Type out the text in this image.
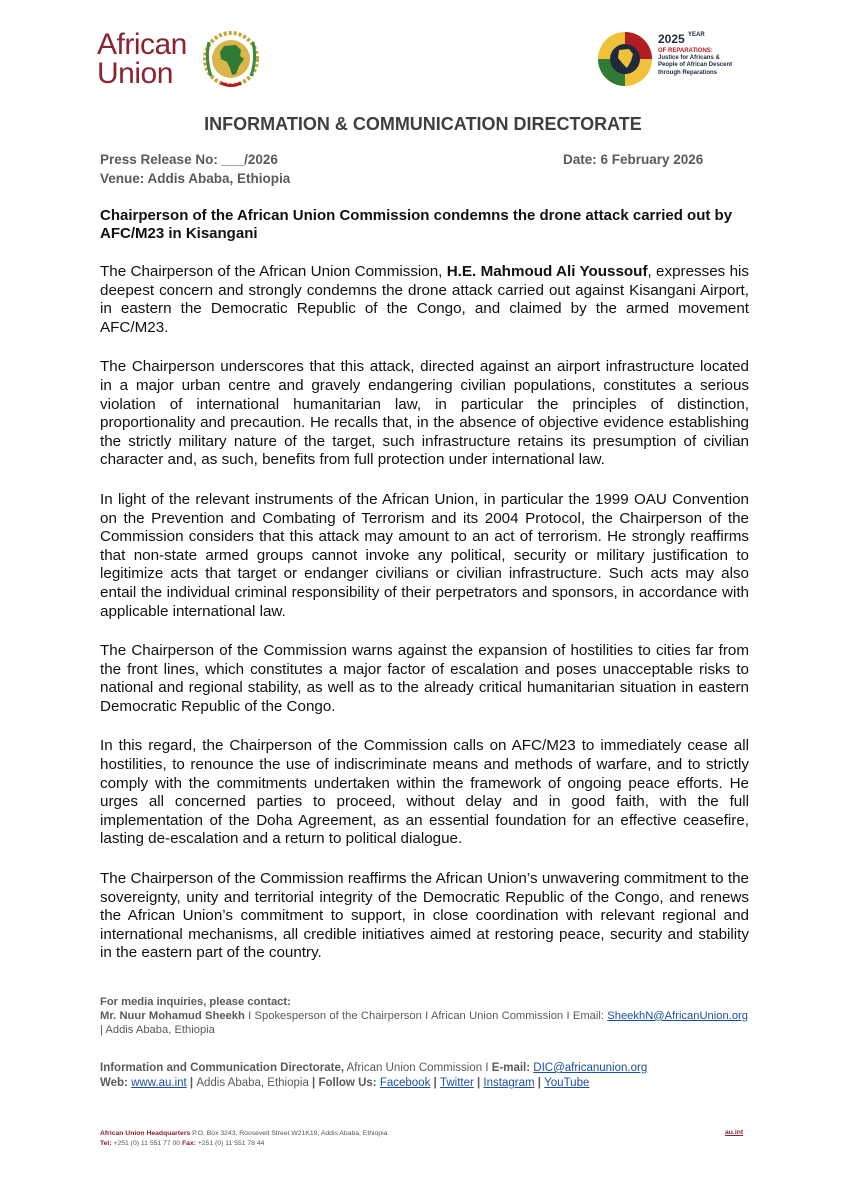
African
Union
2025 $^{YEAR}$
OF REPARATIONS:
Justice for Africans &
People of African Descent
through Reparations
INFORMATION & COMMUNICATION DIRECTORATE
Press Release No: ___/2026	Date: 6 February 2026
Venue: Addis Ababa, Ethiopia
Chairperson of the African Union Commission condemns the drone attack carried out by AFC/M23 in Kisangani

The Chairperson of the African Union Commission, H.E. Mahmoud Ali Youssouf, expresses his deepest concern and strongly condemns the drone attack carried out against Kisangani Airport, in eastern the Democratic Republic of the Congo, and claimed by the armed movement AFC/M23.

The Chairperson underscores that this attack, directed against an airport infrastructure located in a major urban centre and gravely endangering civilian populations, constitutes a serious violation of international humanitarian law, in particular the principles of distinction, proportionality and precaution. He recalls that, in the absence of objective evidence establishing the strictly military nature of the target, such infrastructure retains its presumption of civilian character and, as such, benefits from full protection under international law.

In light of the relevant instruments of the African Union, in particular the 1999 OAU Convention on the Prevention and Combating of Terrorism and its 2004 Protocol, the Chairperson of the Commission considers that this attack may amount to an act of terrorism. He strongly reaffirms that non-state armed groups cannot invoke any political, security or military justification to legitimize acts that target or endanger civilians or civilian infrastructure. Such acts may also entail the individual criminal responsibility of their perpetrators and sponsors, in accordance with applicable international law.

The Chairperson of the Commission warns against the expansion of hostilities to cities far from the front lines, which constitutes a major factor of escalation and poses unacceptable risks to national and regional stability, as well as to the already critical humanitarian situation in eastern Democratic Republic of the Congo.

In this regard, the Chairperson of the Commission calls on AFC/M23 to immediately cease all hostilities, to renounce the use of indiscriminate means and methods of warfare, and to strictly comply with the commitments undertaken within the framework of ongoing peace efforts. He urges all concerned parties to proceed, without delay and in good faith, with the full implementation of the Doha Agreement, as an essential foundation for an effective ceasefire, lasting de-escalation and a return to political dialogue.

The Chairperson of the Commission reaffirms the African Union’s unwavering commitment to the sovereignty, unity and territorial integrity of the Democratic Republic of the Congo, and renews the African Union’s commitment to support, in close coordination with relevant regional and international mechanisms, all credible initiatives aimed at restoring peace, security and stability in the eastern part of the country.

For media inquiries, please contact:
Mr. Nuur Mohamud Sheekh I Spokesperson of the Chairperson I African Union Commission I Email: SheekhN@AfricanUnion.org | Addis Ababa, Ethiopia
Information and Communication Directorate, African Union Commission I E-mail: DIC@africanunion.org
Web: www.au.int | Addis Ababa, Ethiopia | Follow Us: Facebook | Twitter | Instagram | YouTube
African Union Headquarters P.O. Box 3243, Roosevelt Street W21K19, Addis Ababa, Ethiopia
Tel: +251 (0) 11 551 77 00 Fax: +251 (0) 11 551 78 44
au.int
